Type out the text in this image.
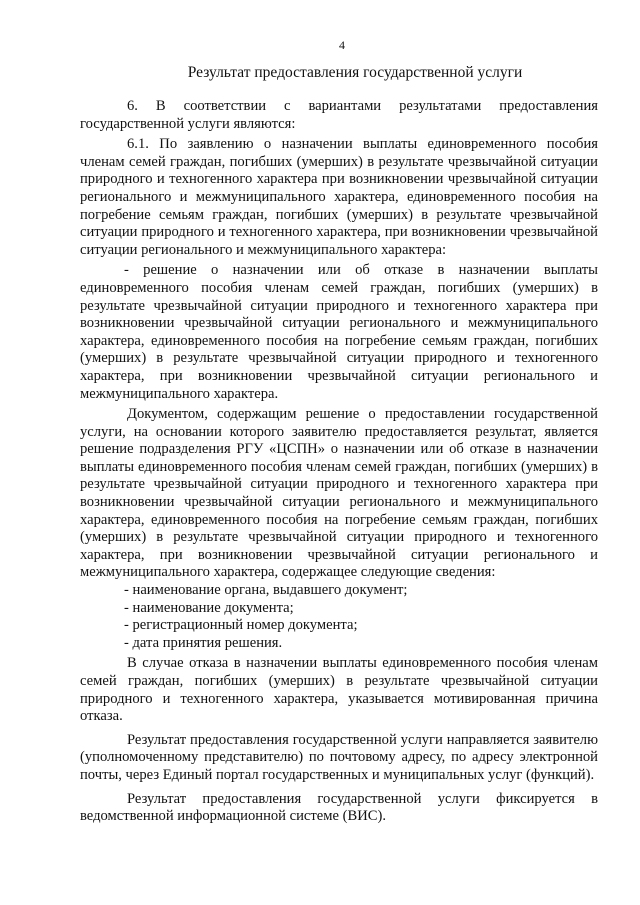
4
Результат предоставления государственной услуги

6. В соответствии с вариантами результатами предоставления государственной услуги являются:

6.1. По заявлению о назначении выплаты единовременного пособия членам семей граждан, погибших (умерших) в результате чрезвычайной ситуации природного и техногенного характера при возникновении чрезвычайной ситуации регионального и межмуниципального характера, единовременного пособия на погребение семьям граждан, погибших (умерших) в результате чрезвычайной ситуации природного и техногенного характера, при возникновении чрезвычайной ситуации регионального и межмуниципального характера:

- решение о назначении или об отказе в назначении выплаты единовременного пособия членам семей граждан, погибших (умерших) в результате чрезвычайной ситуации природного и техногенного характера при возникновении чрезвычайной ситуации регионального и межмуниципального характера, единовременного пособия на погребение семьям граждан, погибших (умерших) в результате чрезвычайной ситуации природного и техногенного характера, при возникновении чрезвычайной ситуации регионального и межмуниципального характера.

Документом, содержащим решение о предоставлении государственной услуги, на основании которого заявителю предоставляется результат, является решение подразделения РГУ «ЦСПН» о назначении или об отказе в назначении выплаты единовременного пособия членам семей граждан, погибших (умерших) в результате чрезвычайной ситуации природного и техногенного характера при возникновении чрезвычайной ситуации регионального и межмуниципального характера, единовременного пособия на погребение семьям граждан, погибших (умерших) в результате чрезвычайной ситуации природного и техногенного характера, при возникновении чрезвычайной ситуации регионального и межмуниципального характера, содержащее следующие сведения:

- наименование органа, выдавшего документ;

- наименование документа;

- регистрационный номер документа;

- дата принятия решения.

В случае отказа в назначении выплаты единовременного пособия членам семей граждан, погибших (умерших) в результате чрезвычайной ситуации природного и техногенного характера, указывается мотивированная причина отказа.

Результат предоставления государственной услуги направляется заявителю (уполномоченному представителю) по почтовому адресу, по адресу электронной почты, через Единый портал государственных и муниципальных услуг (функций).

Результат предоставления государственной услуги фиксируется в ведомственной информационной системе (ВИС).
